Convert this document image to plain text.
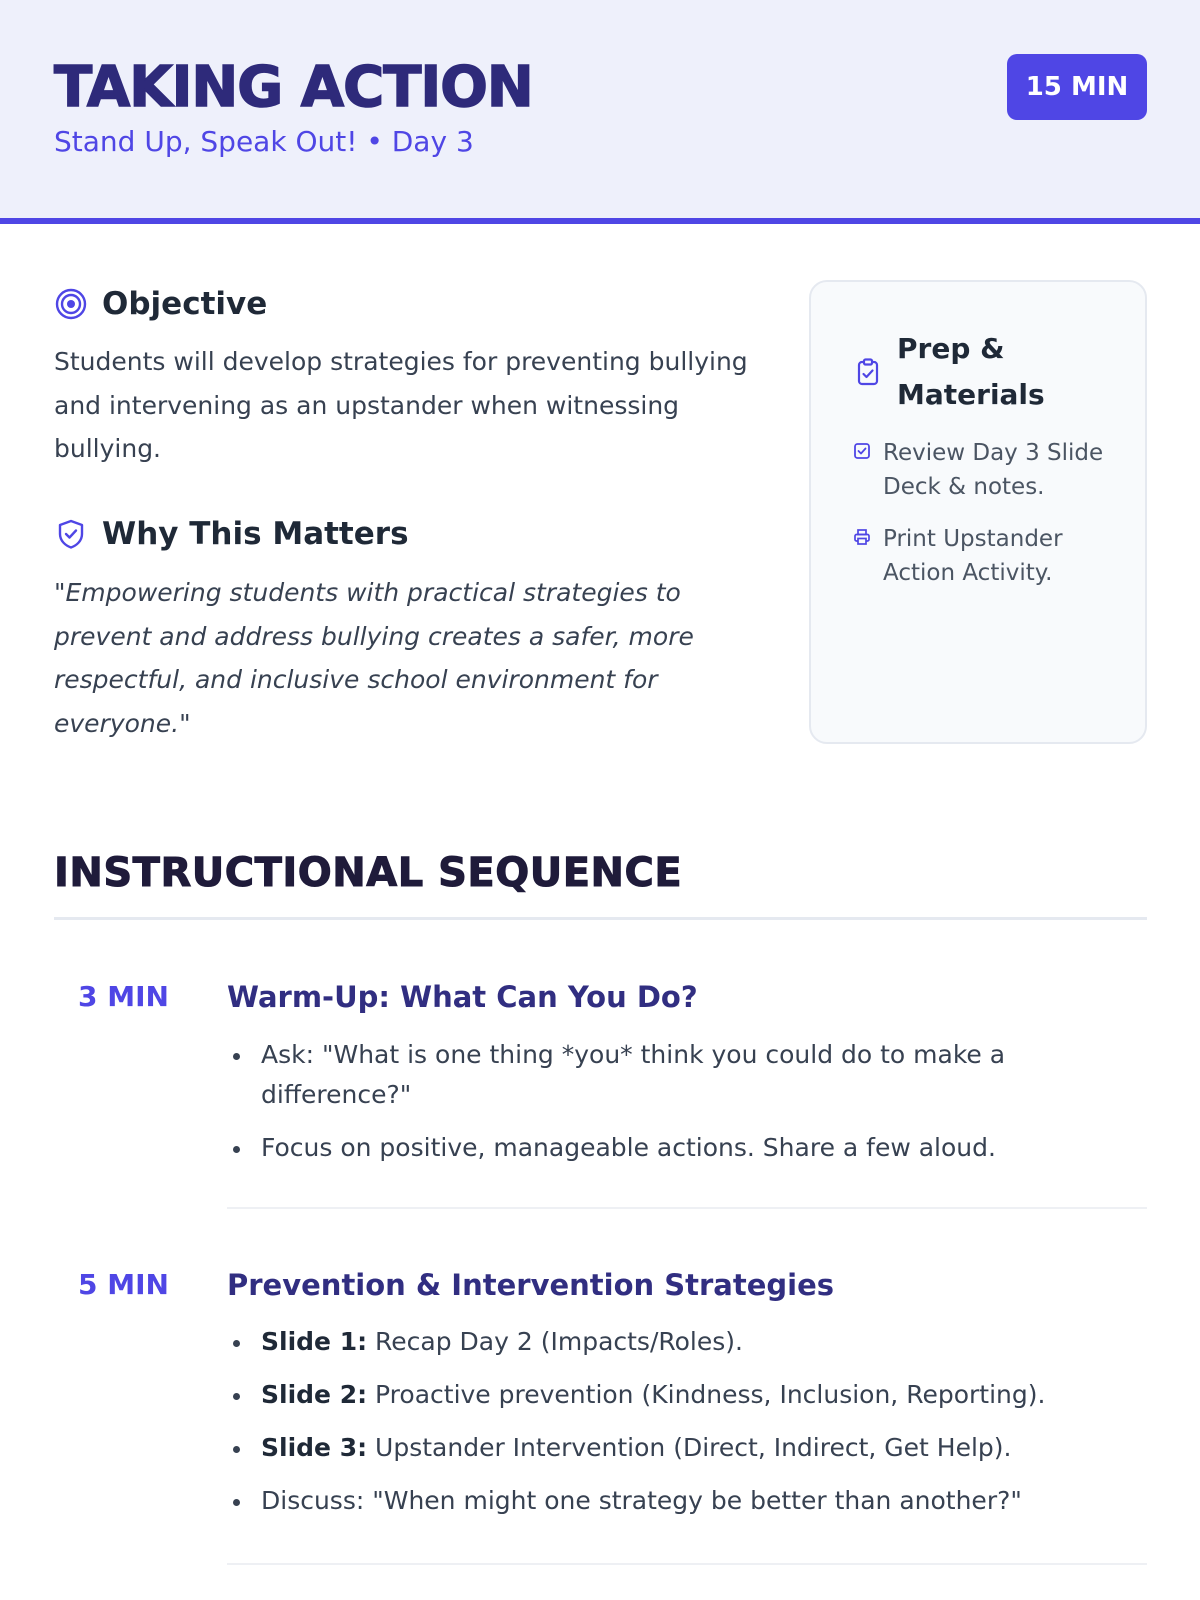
TAKING ACTION
Stand Up, Speak Out! • Day 3
15 MIN
Objective
Students will develop strategies for preventing bullying and intervening as an upstander when witnessing bullying.
Why This Matters
"Empowering students with practical strategies to prevent and address bullying creates a safer, more respectful, and inclusive school environment for everyone."
Prep & Materials
Review Day 3 Slide Deck & notes.
Print Upstander Action Activity.
INSTRUCTIONAL SEQUENCE
3 MIN Warm-Up: What Can You Do?
Ask: "What is one thing *you* think you could do to make a difference?"
Focus on positive, manageable actions. Share a few aloud.
5 MIN Prevention & Intervention Strategies
Slide 1: Recap Day 2 (Impacts/Roles).
Slide 2: Proactive prevention (Kindness, Inclusion, Reporting).
Slide 3: Upstander Intervention (Direct, Indirect, Get Help).
Discuss: "When might one strategy be better than another?"
